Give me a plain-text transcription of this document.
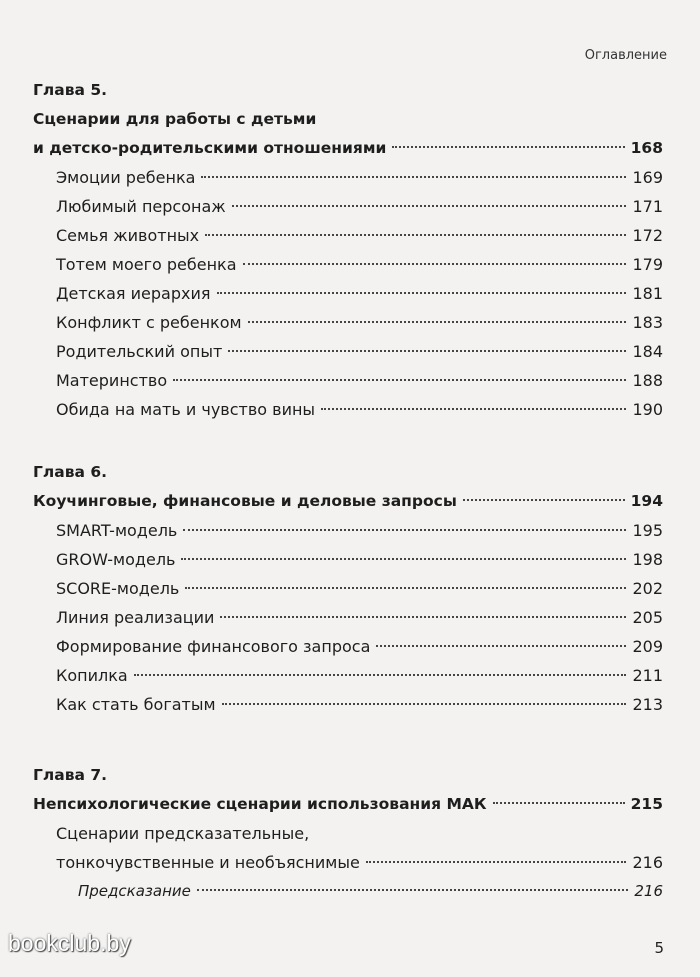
Оглавление
Глава 5.
Сценарии для работы с детьми
и детско-родительскими отношениями	168
Эмоции ребенка	169
Любимый персонаж	171
Семья животных	172
Тотем моего ребенка	179
Детская иерархия	181
Конфликт с ребенком	183
Родительский опыт	184
Материнство	188
Обида на мать и чувство вины	190
Глава 6.
Коучинговые, финансовые и деловые запросы	194
SMART-модель	195
GROW-модель	198
SCORE-модель	202
Линия реализации	205
Формирование финансового запроса	209
Копилка	211
Как стать богатым	213
Глава 7.
Непсихологические сценарии использования МАК	215
Сценарии предсказательные,
тонкочувственные и необъяснимые	216
Предсказание	216
bookclub.by	5
